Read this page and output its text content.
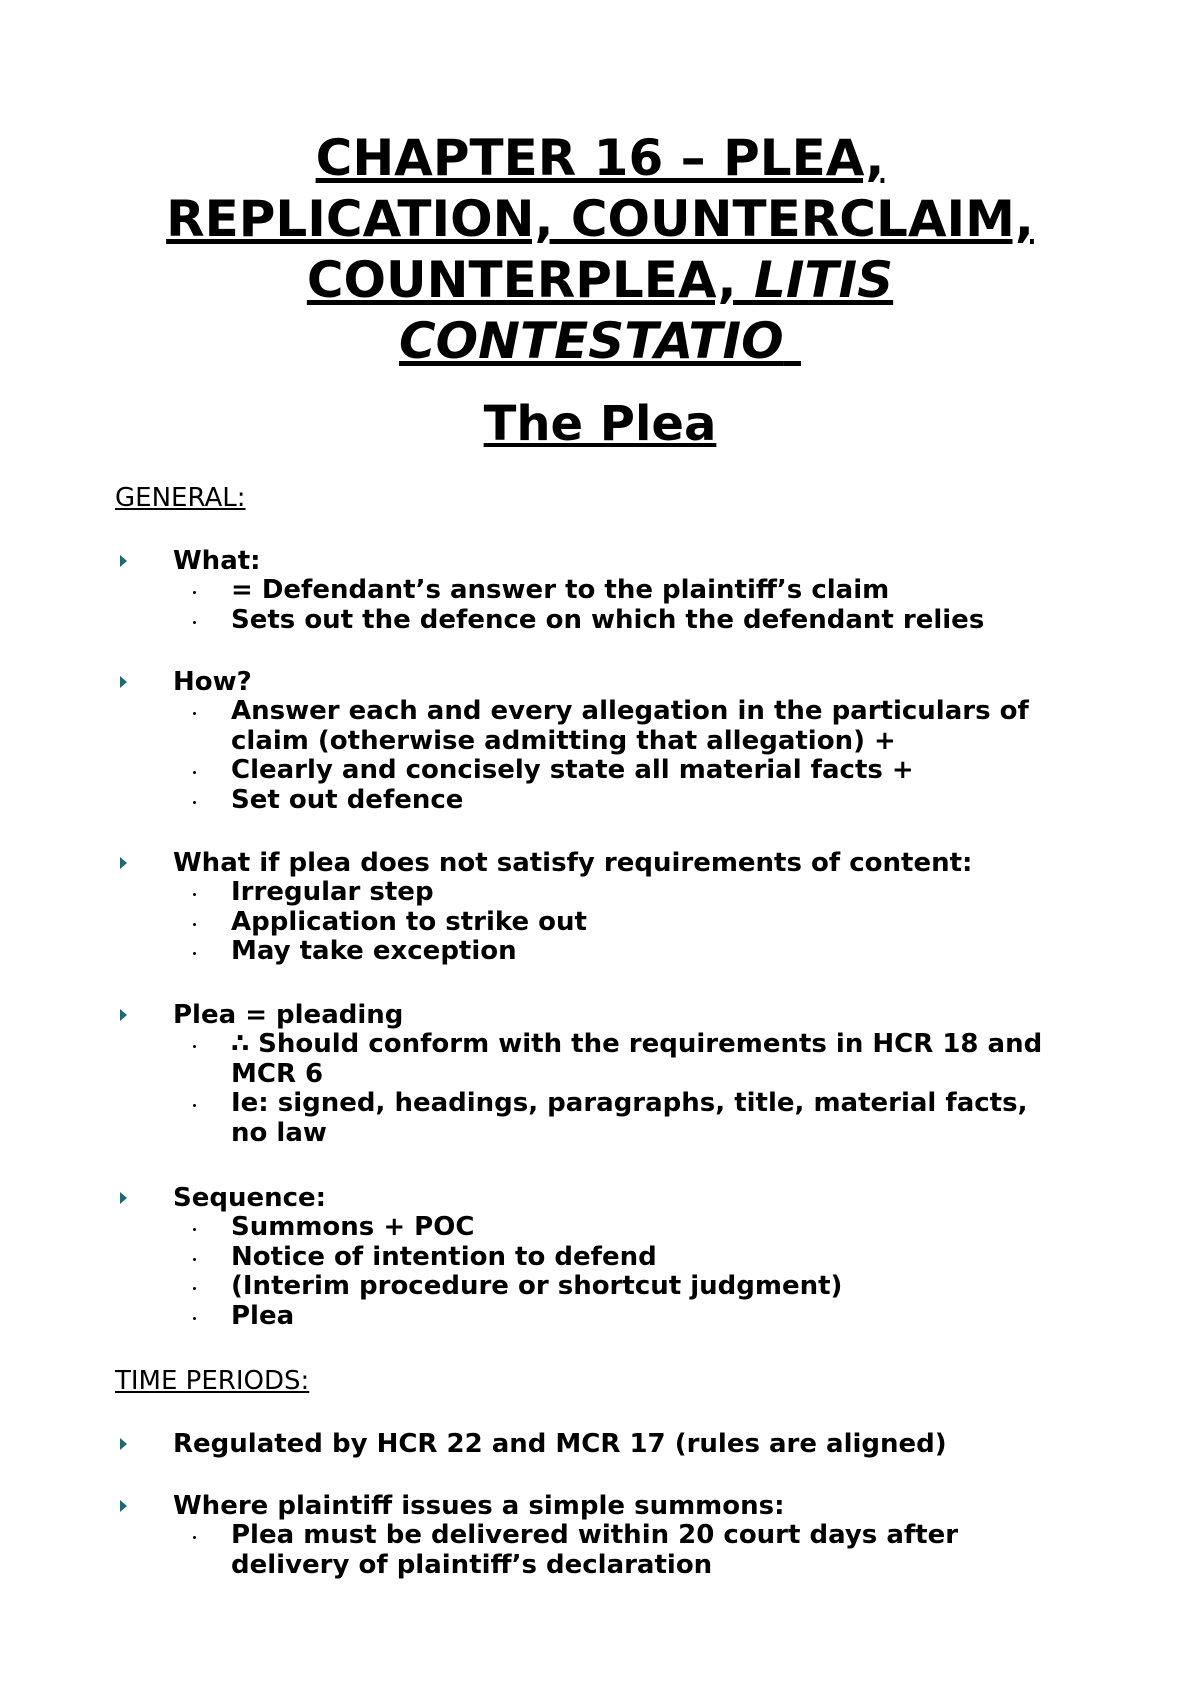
CHAPTER 16 – PLEA,
REPLICATION, COUNTERCLAIM,
COUNTERPLEA, LITIS
CONTESTATIO
The Plea
GENERAL:
What:
= Defendant’s answer to the plaintiff’s claim
Sets out the defence on which the defendant relies
How?
Answer each and every allegation in the particulars of claim (otherwise admitting that allegation) +
Clearly and concisely state all material facts +
Set out defence
What if plea does not satisfy requirements of content:
Irregular step
Application to strike out
May take exception
Plea = pleading
∴ Should conform with the requirements in HCR 18 and MCR 6
Ie: signed, headings, paragraphs, title, material facts, no law
Sequence:
Summons + POC
Notice of intention to defend
(Interim procedure or shortcut judgment)
Plea
TIME PERIODS:
Regulated by HCR 22 and MCR 17 (rules are aligned)
Where plaintiff issues a simple summons:
Plea must be delivered within 20 court days after delivery of plaintiff’s declaration
